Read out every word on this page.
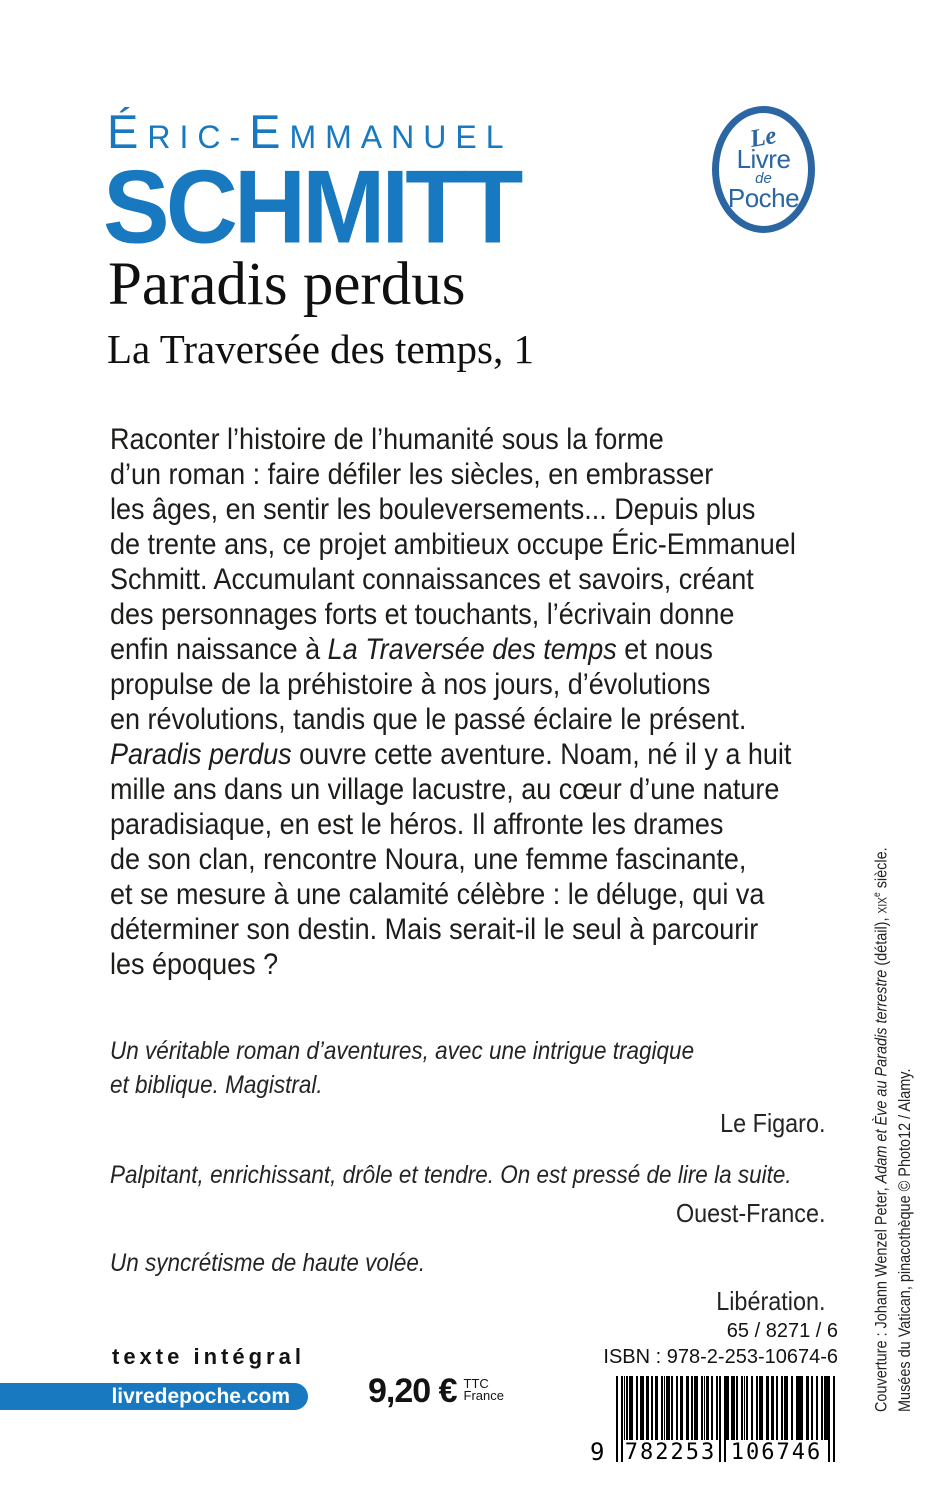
ÉRIC-EMMANUEL
SCHMITT
Le
Livre
de
Poche
Paradis perdus
La Traversée des temps, 1
Raconter l’histoire de l’humanité sous la forme
d’un roman : faire défiler les siècles, en embrasser
les âges, en sentir les bouleversements... Depuis plus
de trente ans, ce projet ambitieux occupe Éric-Emmanuel
Schmitt. Accumulant connaissances et savoirs, créant
des personnages forts et touchants, l’écrivain donne
enfin naissance à La Traversée des temps et nous
propulse de la préhistoire à nos jours, d’évolutions
en révolutions, tandis que le passé éclaire le présent.
Paradis perdus ouvre cette aventure. Noam, né il y a huit
mille ans dans un village lacustre, au cœur d’une nature
paradisiaque, en est le héros. Il affronte les drames
de son clan, rencontre Noura, une femme fascinante,
et se mesure à une calamité célèbre : le déluge, qui va
déterminer son destin. Mais serait-il le seul à parcourir
les époques ?
Un véritable roman d’aventures, avec une intrigue tragique
et biblique. Magistral.
Le Figaro.
Palpitant, enrichissant, drôle et tendre. On est pressé de lire la suite.
Ouest-France.
Un syncrétisme de haute volée.
Libération.	Couverture : Johann Wenzel Peter, Adam et Ève au Paradis terrestre (détail), xix$^e$ siècle.
Musées du Vatican, pinacothèque © Photo12 / Alamy.
texte intégral
livredepoche.com	9,20 € TTC
France
65 / 8271 / 6
ISBN : 978-2-253-10674-6
9 782253 106746
